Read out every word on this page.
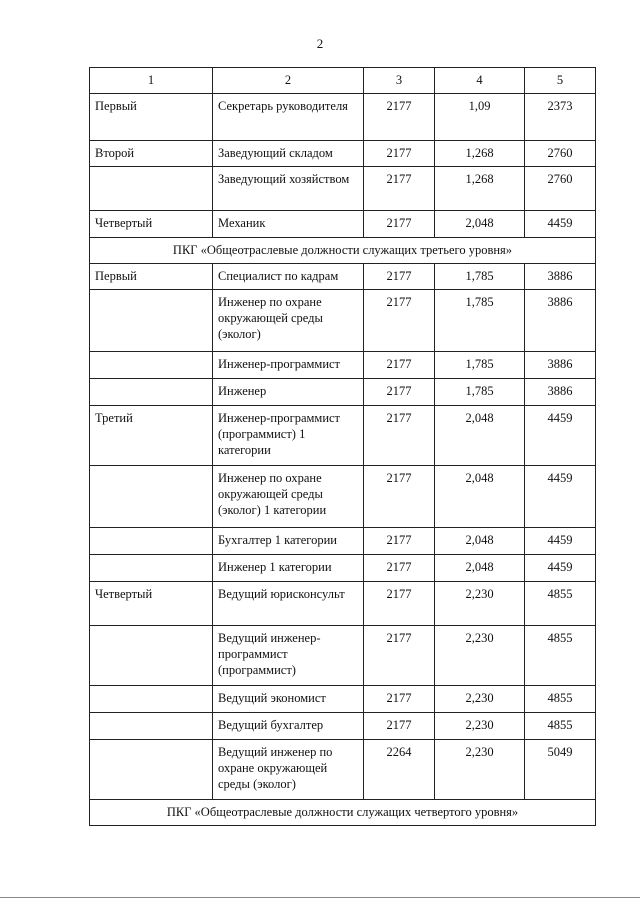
2
1	2	3	4	5
Первый	Секретарь руководителя	2177	1,09	2373
Второй	Заведующий складом	2177	1,268	2760
	Заведующий хозяйством	2177	1,268	2760
Четвертый	Механик	2177	2,048	4459
ПКГ «Общеотраслевые должности служащих третьего уровня»				
Первый	Специалист по кадрам	2177	1,785	3886
	Инженер по охране окружающей среды (эколог)	2177	1,785	3886
	Инженер-программист	2177	1,785	3886
	Инженер	2177	1,785	3886
Третий	Инженер-программист (программист) 1 категории	2177	2,048	4459
	Инженер по охране окружающей среды (эколог) 1 категории	2177	2,048	4459
	Бухгалтер 1 категории	2177	2,048	4459
	Инженер 1 категории	2177	2,048	4459
Четвертый	Ведущий юрисконсульт	2177	2,230	4855
	Ведущий инженер-программист (программист)	2177	2,230	4855
	Ведущий экономист	2177	2,230	4855
	Ведущий бухгалтер	2177	2,230	4855
	Ведущий инженер по охране окружающей среды (эколог)	2264	2,230	5049
ПКГ «Общеотраслевые должности служащих четвертого уровня»				
